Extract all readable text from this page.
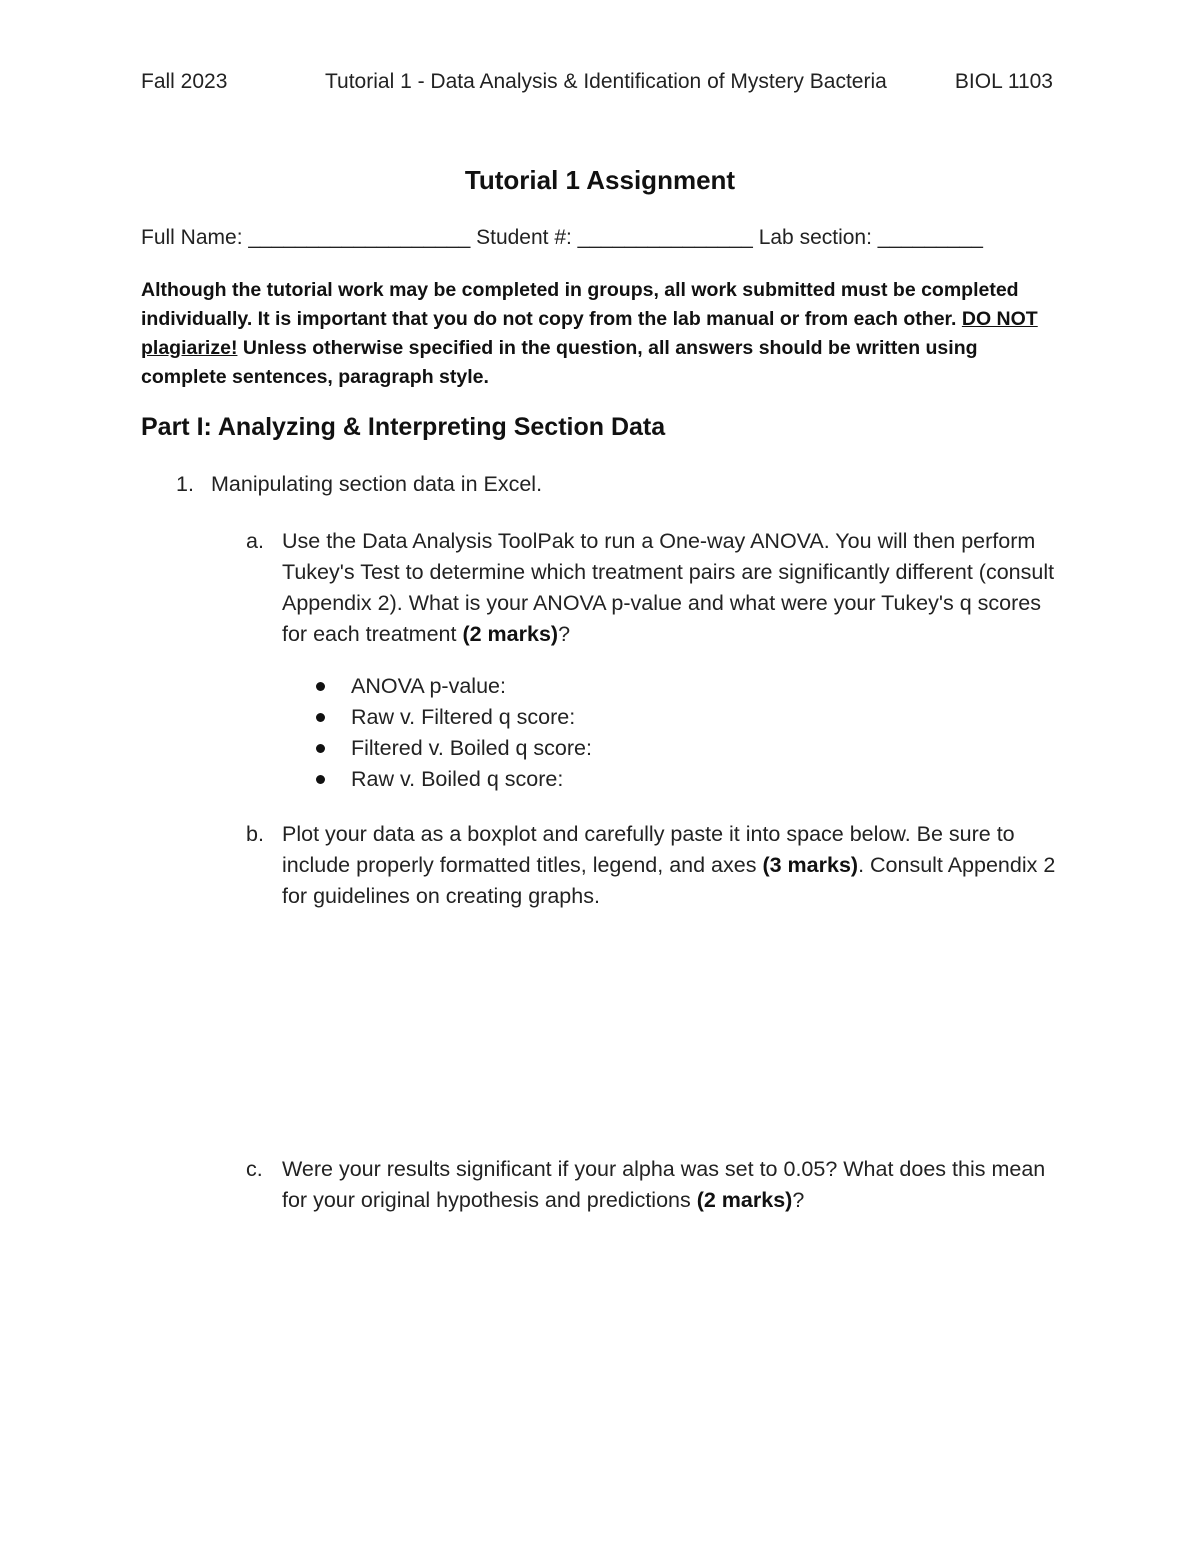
Fall 2023	Tutorial 1 - Data Analysis & Identification of Mystery Bacteria	BIOL 1103
Tutorial 1 Assignment
Full Name: ___________________ Student #: _______________ Lab section: _________
Although the tutorial work may be completed in groups, all work submitted must be completed individually. It is important that you do not copy from the lab manual or from each other. DO NOT plagiarize! Unless otherwise specified in the question, all answers should be written using complete sentences, paragraph style.
Part I: Analyzing & Interpreting Section Data
1. Manipulating section data in Excel.
a. Use the Data Analysis ToolPak to run a One-way ANOVA. You will then perform Tukey's Test to determine which treatment pairs are significantly different (consult Appendix 2). What is your ANOVA p-value and what were your Tukey's q scores for each treatment (2 marks)?
ANOVA p-value:
Raw v. Filtered q score:
Filtered v. Boiled q score:
Raw v. Boiled q score:
b. Plot your data as a boxplot and carefully paste it into space below. Be sure to include properly formatted titles, legend, and axes (3 marks). Consult Appendix 2 for guidelines on creating graphs.
c. Were your results significant if your alpha was set to 0.05? What does this mean for your original hypothesis and predictions (2 marks)?
